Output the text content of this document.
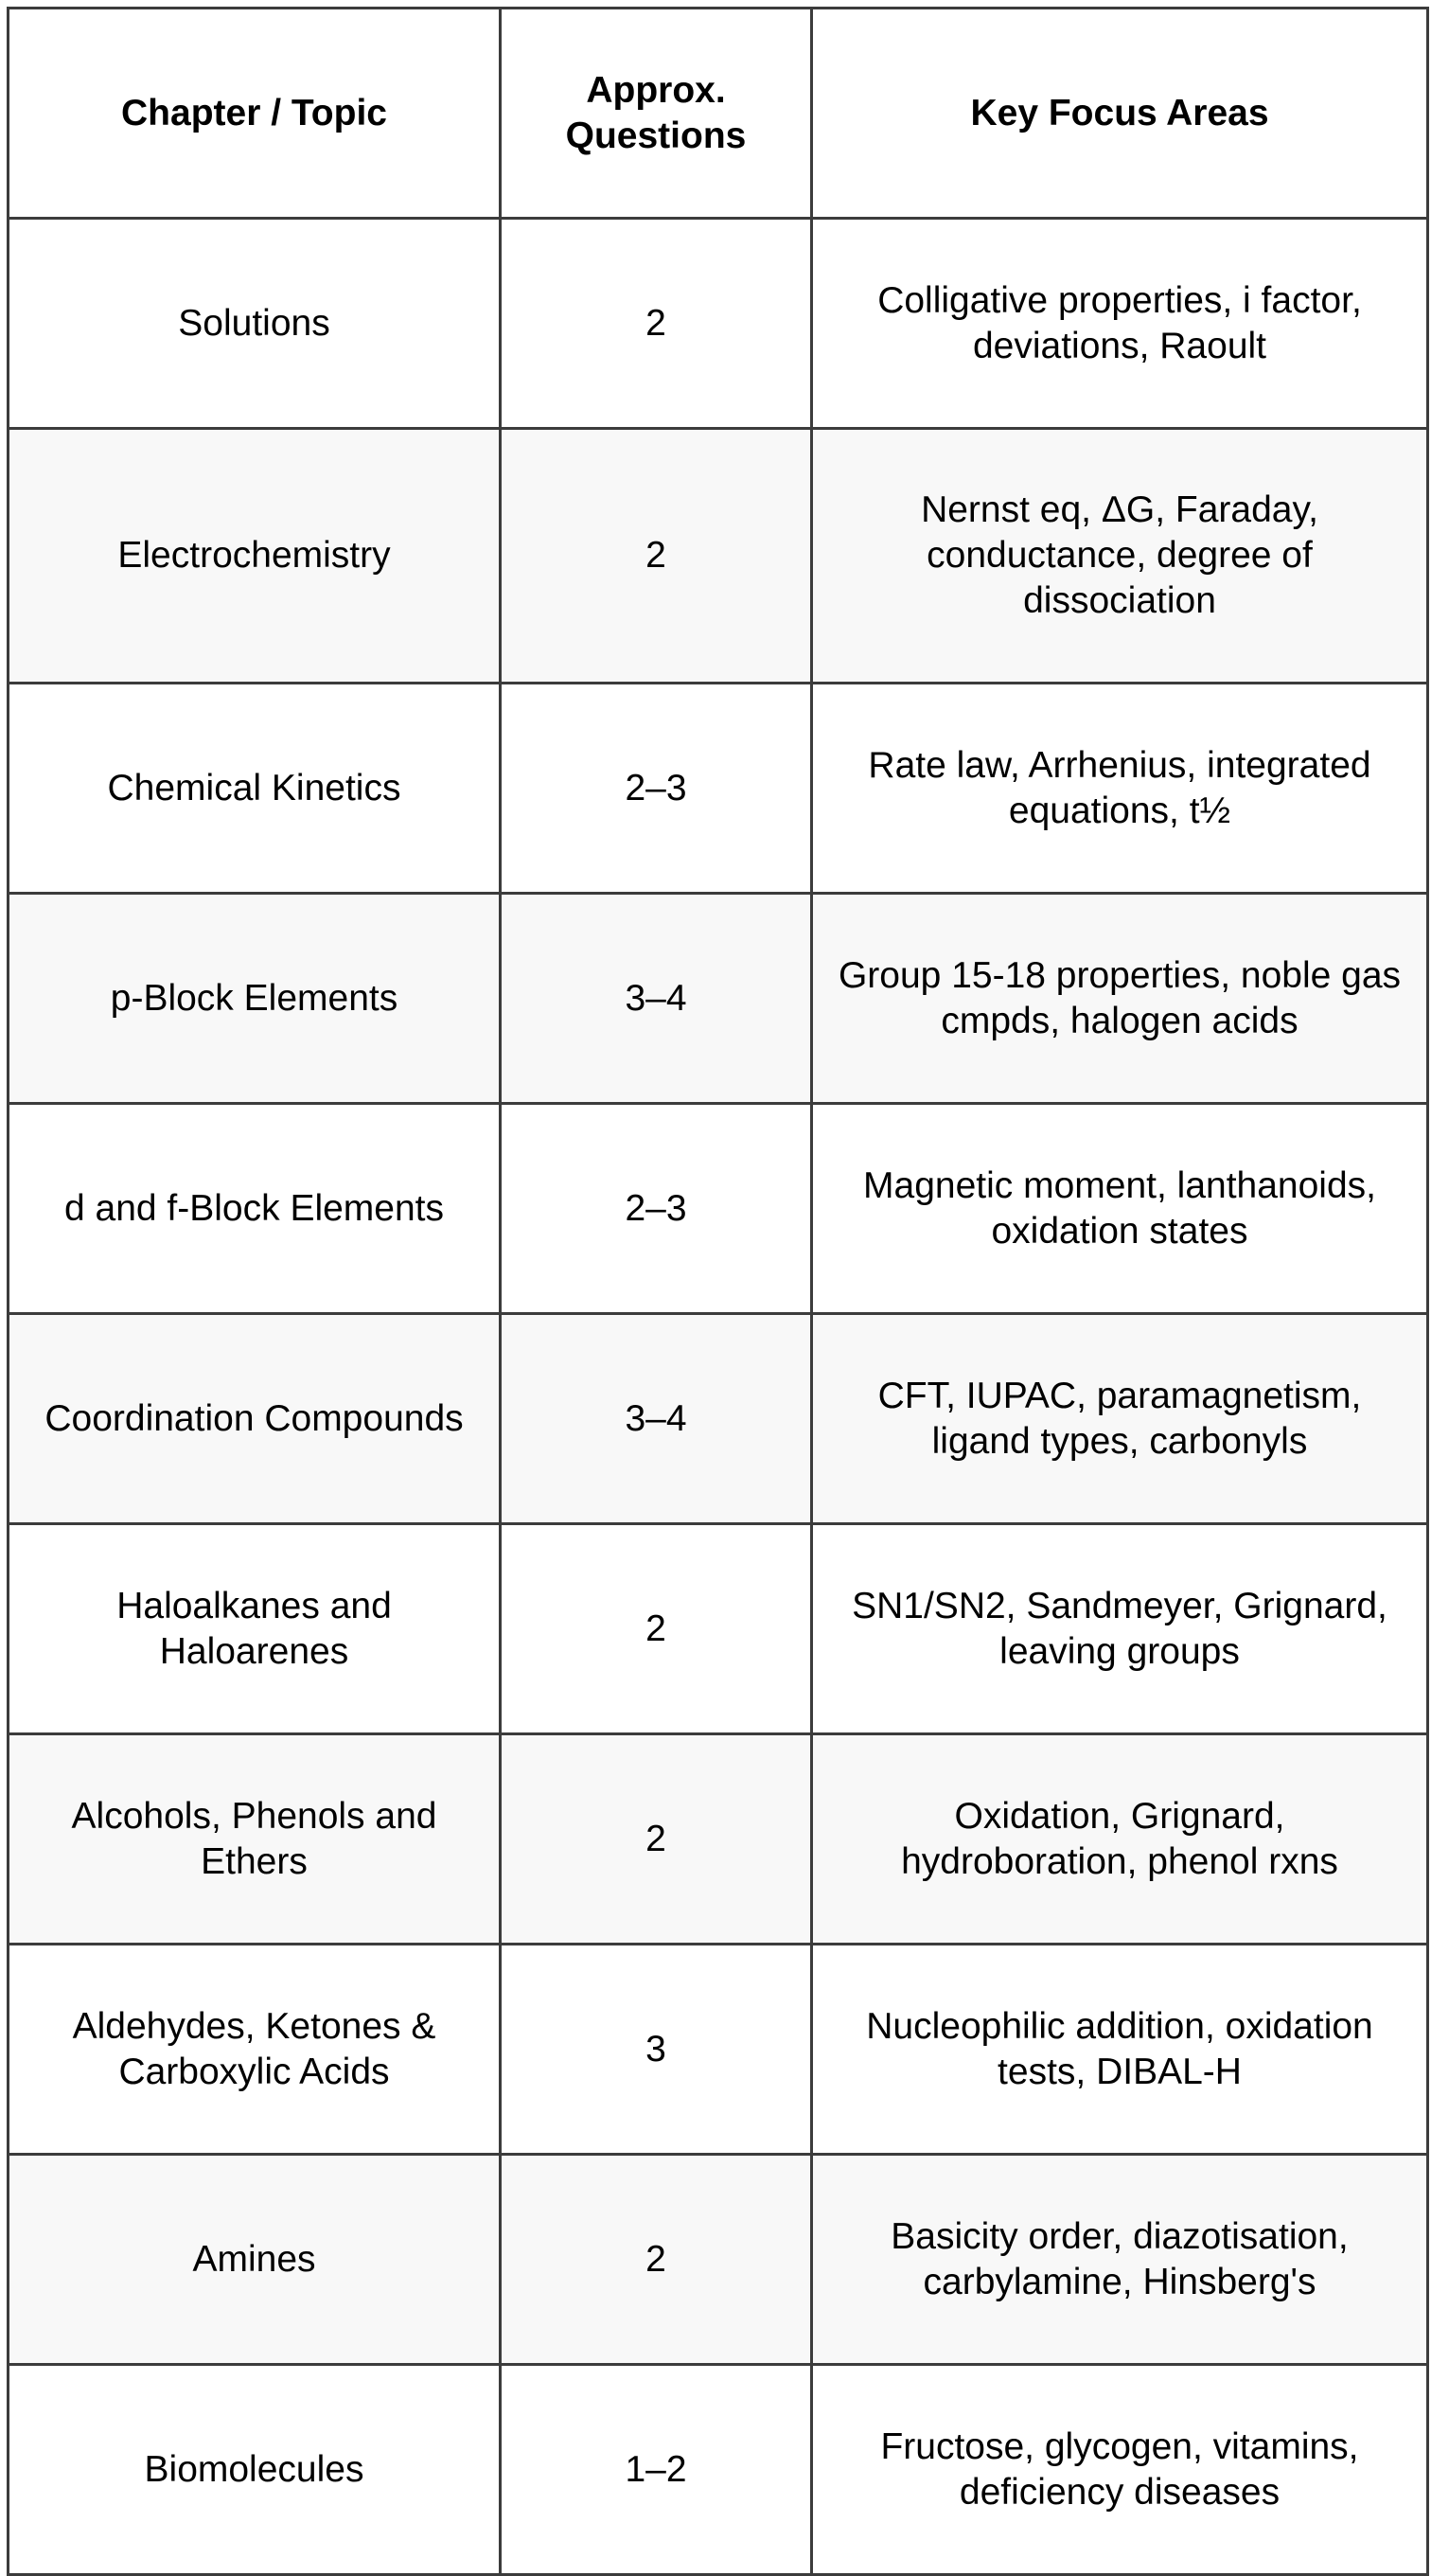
Chapter / Topic	Approx. Questions	Key Focus Areas
Solutions	2	Colligative properties, i factor, deviations, Raoult
Electrochemistry	2	Nernst eq, ΔG, Faraday, conductance, degree of dissociation
Chemical Kinetics	2–3	Rate law, Arrhenius, integrated equations, t½
p-Block Elements	3–4	Group 15-18 properties, noble gas cmpds, halogen acids
d and f-Block Elements	2–3	Magnetic moment, lanthanoids, oxidation states
Coordination Compounds	3–4	CFT, IUPAC, paramagnetism, ligand types, carbonyls
Haloalkanes and Haloarenes	2	SN1/SN2, Sandmeyer, Grignard, leaving groups
Alcohols, Phenols and Ethers	2	Oxidation, Grignard, hydroboration, phenol rxns
Aldehydes, Ketones & Carboxylic Acids	3	Nucleophilic addition, oxidation tests, DIBAL-H
Amines	2	Basicity order, diazotisation, carbylamine, Hinsberg's
Biomolecules	1–2	Fructose, glycogen, vitamins, deficiency diseases
